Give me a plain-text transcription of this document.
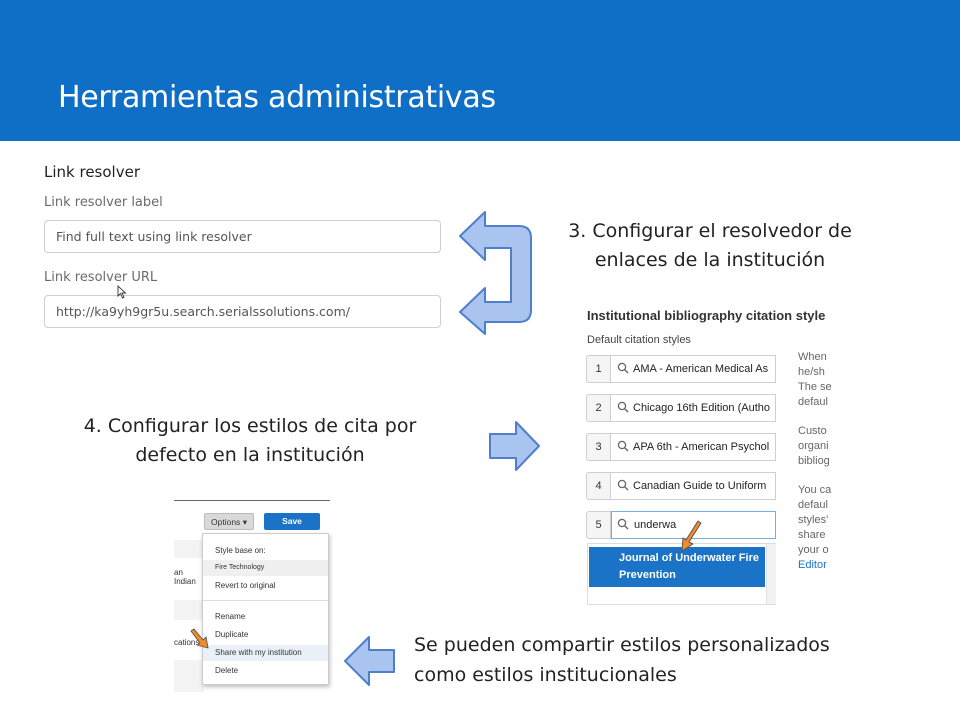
Herramientas administrativas
Link resolver
Link resolver label
Find full text using link resolver
Link resolver URL
http://ka9yh9gr5u.search.serialssolutions.com/
3. Configurar el resolvedor de
enlaces de la institución
4. Configurar los estilos de cita por
defecto en la institución
Institutional bibliography citation style
Default citation styles
1	AMA - American Medical As
2	Chicago 16th Edition (Autho
3	APA 6th - American Psychol
4	Canadian Guide to Uniform
5	underwa
Journal of Underwater Fire
Prevention
When
he/sh
The se
defaul
Custo
organi
bibliog
You ca
defaul
styles'
share
your o
Editor
Options ▾	Save
an Indian
cations
Style base on:
Fire Technology
Revert to original
Rename
Duplicate
Share with my institution
Delete
Se pueden compartir estilos personalizados
como estilos institucionales
